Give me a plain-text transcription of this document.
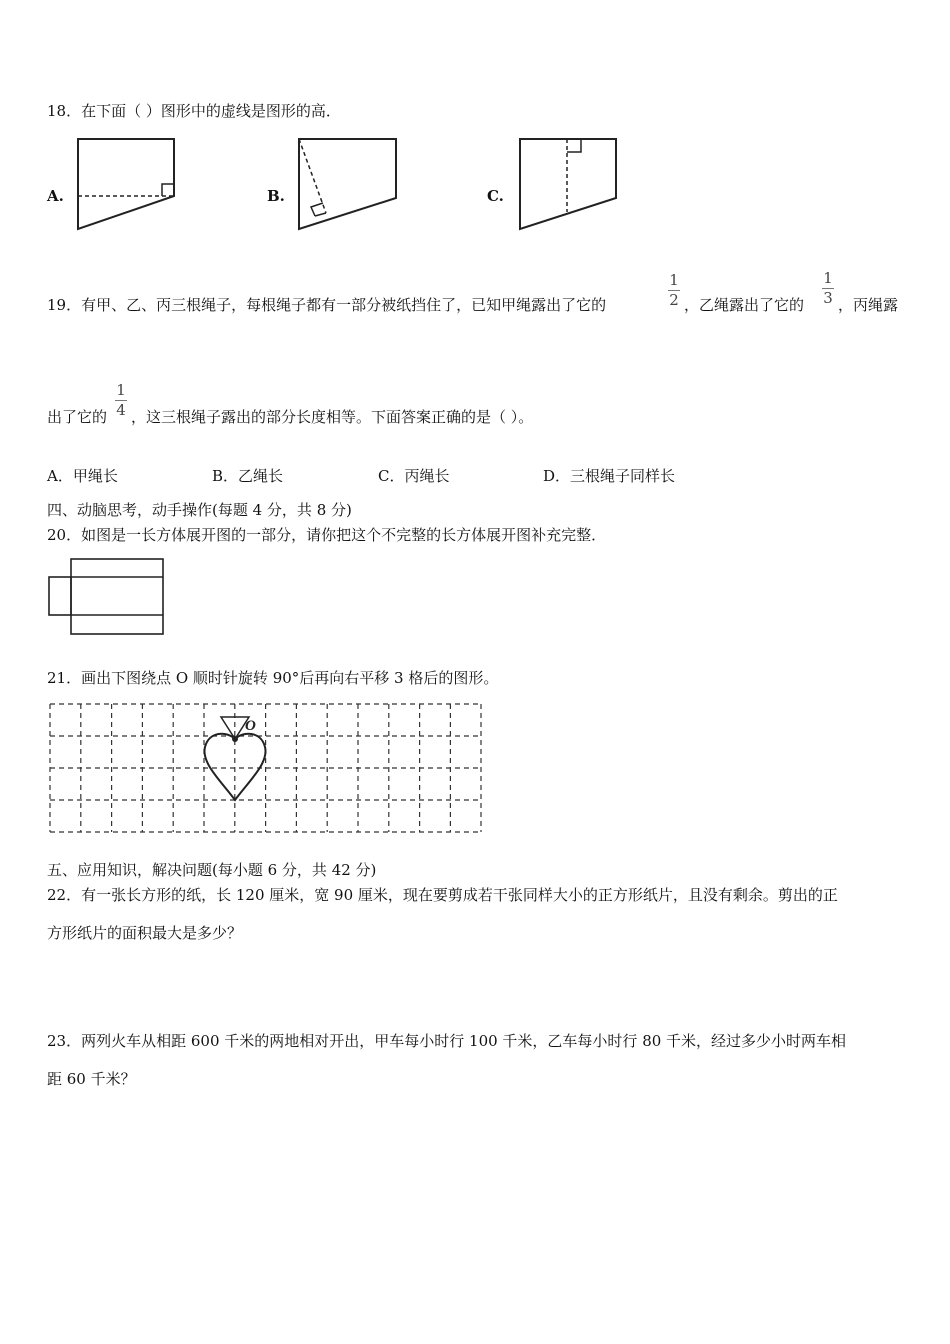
18．在下面（ ）图形中的虚线是图形的高．
A.	B.	C.
19．有甲、乙、丙三根绳子，每根绳子都有一部分被纸挡住了，已知甲绳露出了它的
1
2 ，乙绳露出了它的
1
3 ，丙绳露
出了它的
1
4 ，这三根绳子露出的部分长度相等。下面答案正确的是（ ）。
A．甲绳长	B．乙绳长	C．丙绳长	D．三根绳子同样长
四、动脑思考，动手操作(每题 4 分，共 8 分)
20．如图是一长方体展开图的一部分，请你把这个不完整的长方体展开图补充完整．
21．画出下图绕点 O 顺时针旋转 90°后再向右平移 3 格后的图形。
O
五、应用知识，解决问题(每小题 6 分，共 42 分)
22．有一张长方形的纸，长 120 厘米，宽 90 厘米，现在要剪成若干张同样大小的正方形纸片，且没有剩余。剪出的正
方形纸片的面积最大是多少？
23．两列火车从相距 600 千米的两地相对开出，甲车每小时行 100 千米，乙车每小时行 80 千米，经过多少小时两车相
距 60 千米？
